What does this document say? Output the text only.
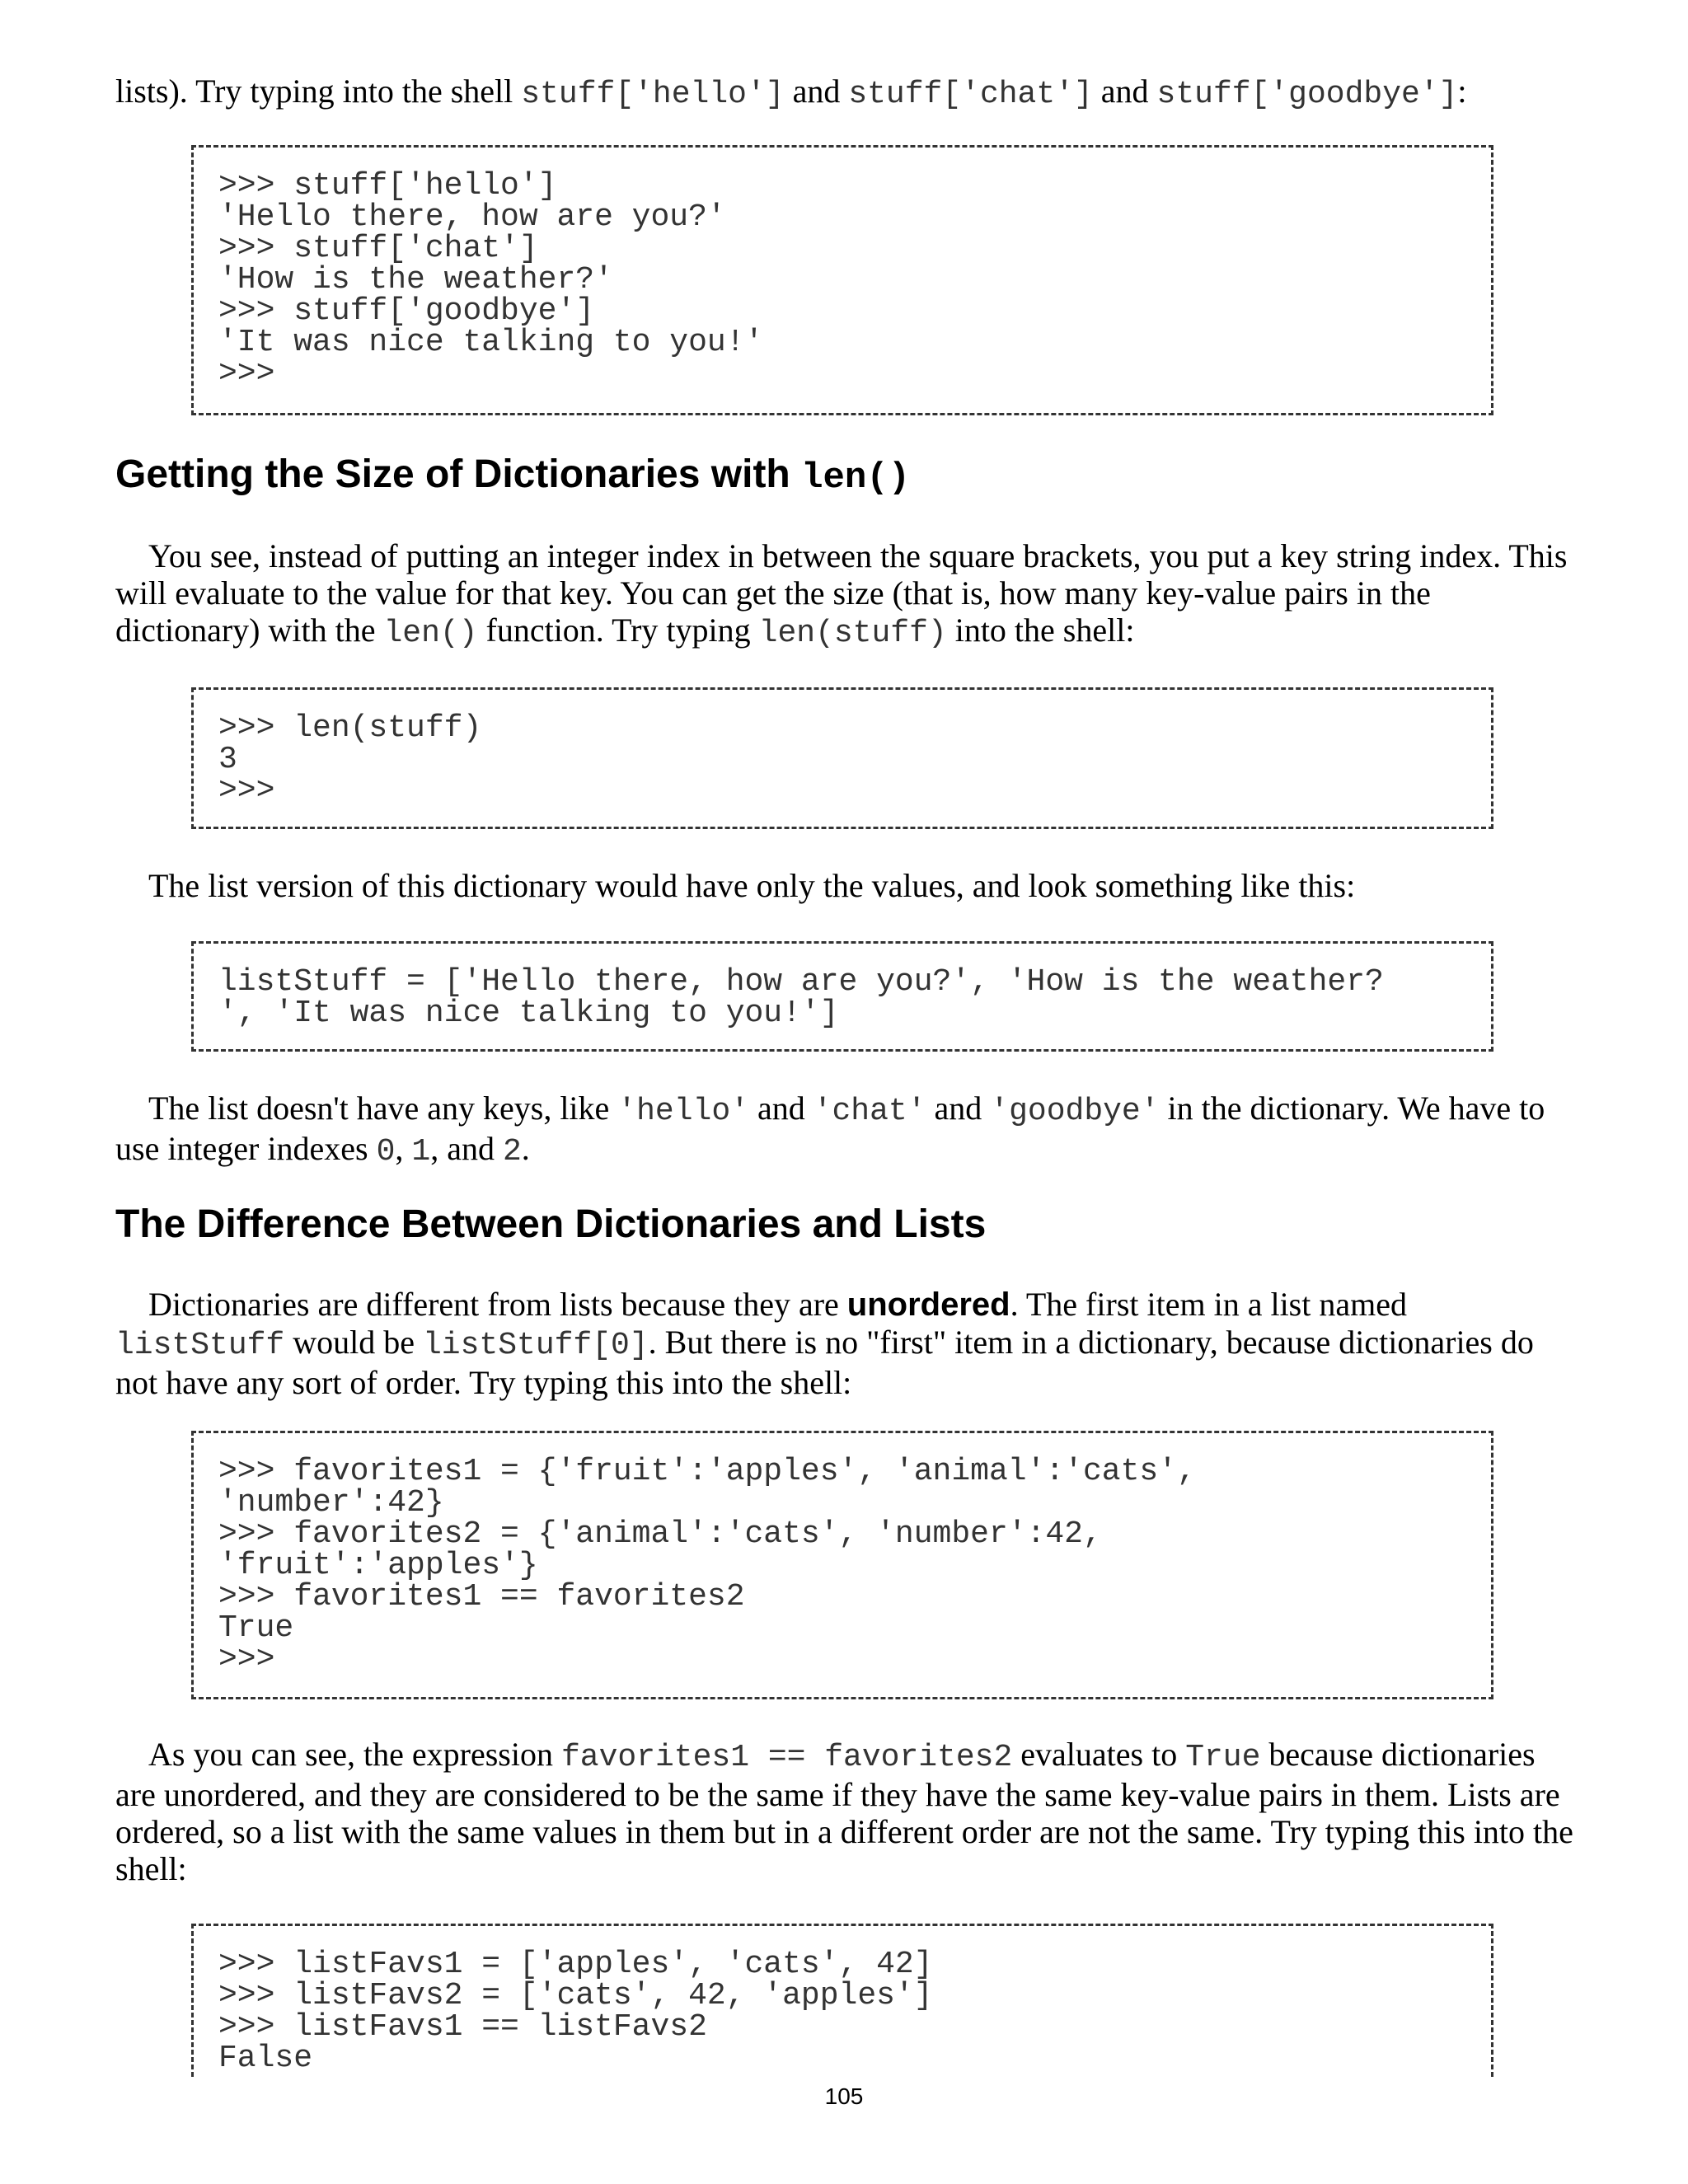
lists). Try typing into the shell stuff['hello'] and stuff['chat'] and stuff['goodbye']:

>>> stuff['hello']
'Hello there, how are you?'
>>> stuff['chat']
'How is the weather?'
>>> stuff['goodbye']
'It was nice talking to you!'
>>>
Getting the Size of Dictionaries with len()

You see, instead of putting an integer index in between the square brackets, you put a key string index. This will evaluate to the value for that key. You can get the size (that is, how many key-value pairs in the dictionary) with the len() function. Try typing len(stuff) into the shell:

>>> len(stuff)
3
>>>

The list version of this dictionary would have only the values, and look something like this:

listStuff = ['Hello there, how are you?', 'How is the weather?
', 'It was nice talking to you!']

The list doesn't have any keys, like 'hello' and 'chat' and 'goodbye' in the dictionary. We have to use integer indexes 0, 1, and 2.

The Difference Between Dictionaries and Lists

Dictionaries are different from lists because they are unordered. The first item in a list named listStuff would be listStuff[0]. But there is no "first" item in a dictionary, because dictionaries do not have any sort of order. Try typing this into the shell:

>>> favorites1 = {'fruit':'apples', 'animal':'cats',
'number':42}
>>> favorites2 = {'animal':'cats', 'number':42,
'fruit':'apples'}
>>> favorites1 == favorites2
True
>>>

As you can see, the expression favorites1 == favorites2 evaluates to True because dictionaries are unordered, and they are considered to be the same if they have the same key-value pairs in them. Lists are ordered, so a list with the same values in them but in a different order are not the same. Try typing this into the shell:

>>> listFavs1 = ['apples', 'cats', 42]
>>> listFavs2 = ['cats', 42, 'apples']
>>> listFavs1 == listFavs2
False
105
